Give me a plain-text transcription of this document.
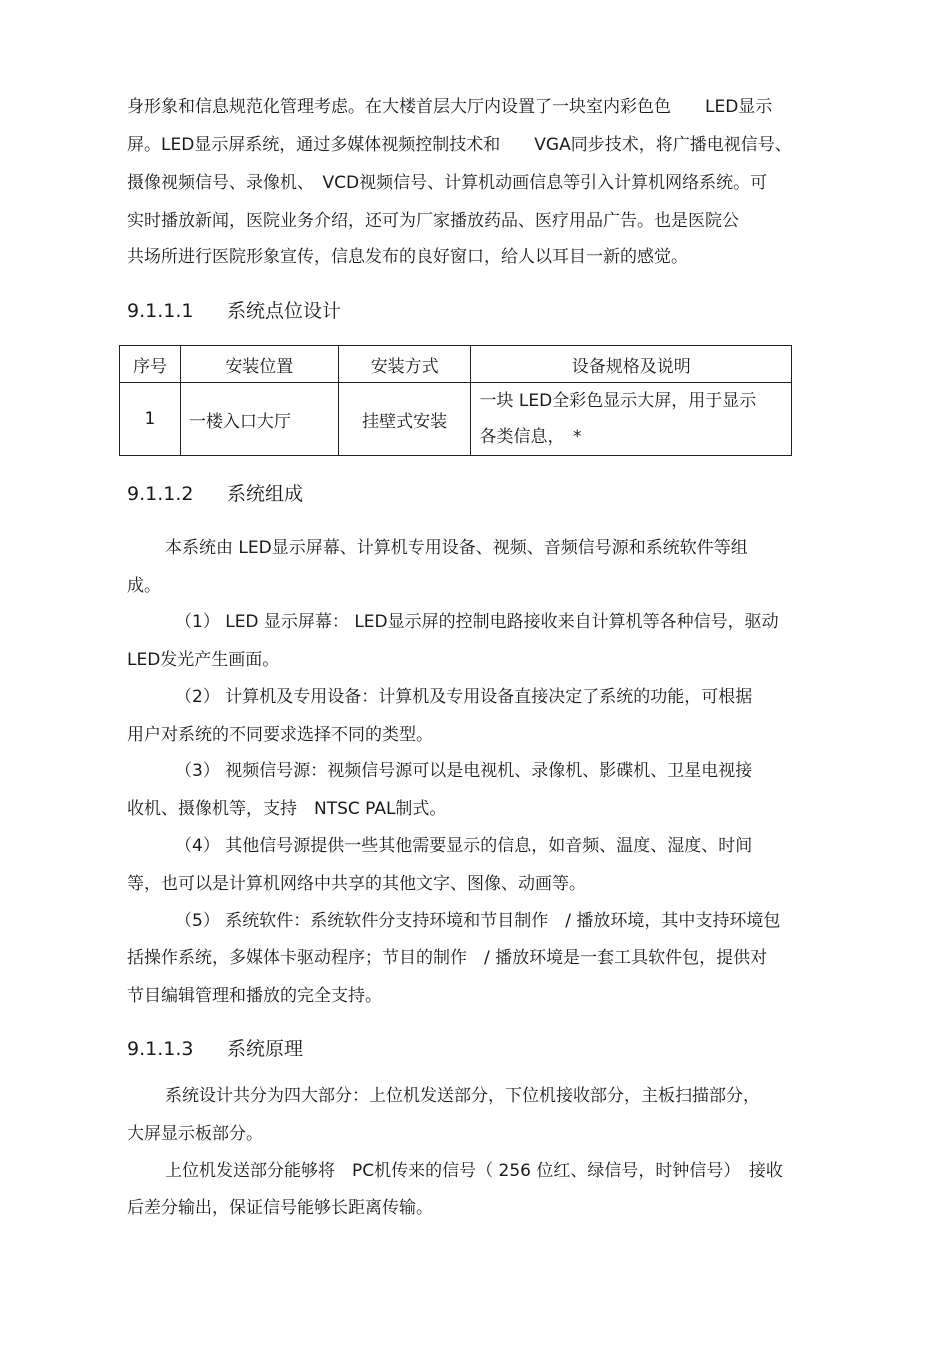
身形象和信息规范化管理考虑。在大楼首层大厅内设置了一块室内彩色色　　LED显示
屏。LED显示屏系统，通过多媒体视频控制技术和　　VGA同步技术，将广播电视信号、
摄像视频信号、录像机、　VCD视频信号、计算机动画信息等引入计算机网络系统。可
实时播放新闻，医院业务介绍，还可为厂家播放药品、医疗用品广告。也是医院公
共场所进行医院形象宣传，信息发布的良好窗口，给人以耳目一新的感觉。
9.1.1.1 系统点位设计
序号	安装位置	安装方式	设备规格及说明
1	一楼入口大厅	挂壁式安装	一块 LED全彩色显示大屏，用于显示
各类信息，　*
9.1.1.2 系统组成
本系统由 LED显示屏幕、计算机专用设备、视频、音频信号源和系统软件等组
成。
（1） LED 显示屏幕： LED显示屏的控制电路接收来自计算机等各种信号，驱动
LED发光产生画面。
（2） 计算机及专用设备：计算机及专用设备直接决定了系统的功能，可根据
用户对系统的不同要求选择不同的类型。
（3） 视频信号源：视频信号源可以是电视机、录像机、影碟机、卫星电视接
收机、摄像机等，支持　NTSC PAL制式。
（4） 其他信号源提供一些其他需要显示的信息，如音频、温度、湿度、时间
等，也可以是计算机网络中共享的其他文字、图像、动画等。
（5） 系统软件：系统软件分支持环境和节目制作　/ 播放环境，其中支持环境包
括操作系统，多媒体卡驱动程序；节目的制作　/ 播放环境是一套工具软件包，提供对
节目编辑管理和播放的完全支持。
9.1.1.3 系统原理
系统设计共分为四大部分：上位机发送部分，下位机接收部分，主板扫描部分，
大屏显示板部分。
上位机发送部分能够将　PC机传来的信号（ 256 位红、绿信号，时钟信号）　接收
后差分输出，保证信号能够长距离传输。
